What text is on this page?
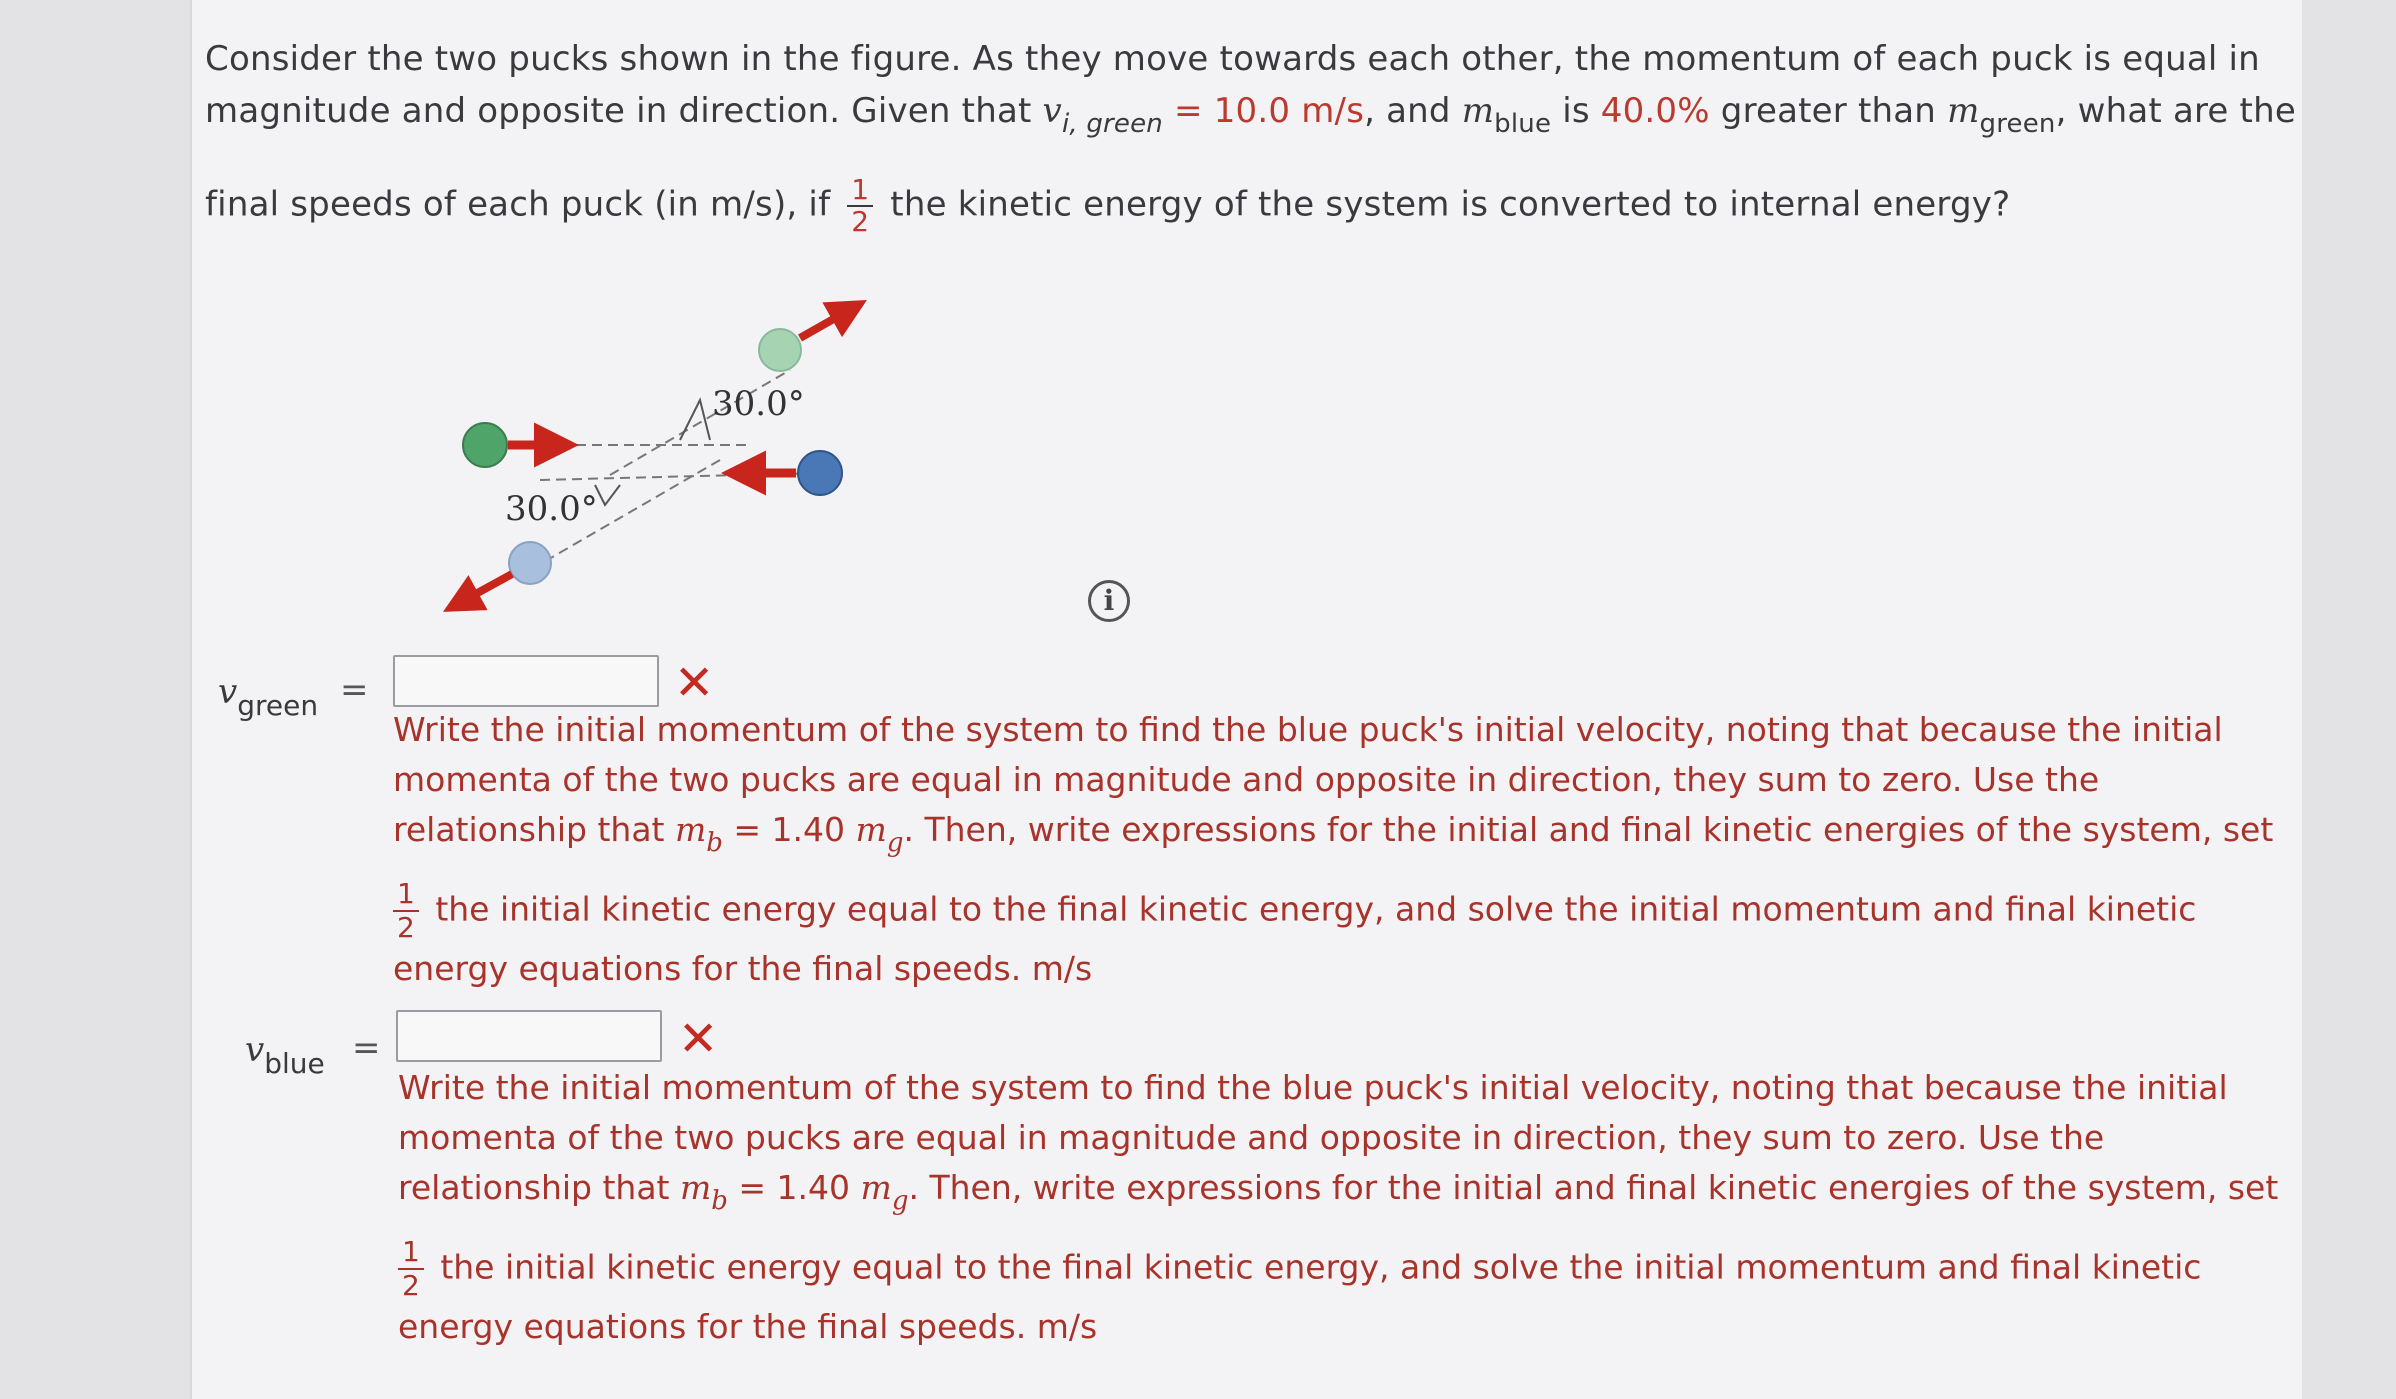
Consider the two pucks shown in the figure. As they move towards each other, the momentum of each puck is equal in
magnitude and opposite in direction. Given that $v_{i, green} = 10.0$ m/s, and $m_{blue}$ is 40.0% greater than $m_{green}$, what are the
final speeds of each puck (in m/s), if $\frac{1}{2}$ the kinetic energy of the system is converted to internal energy?
30.0°
30.0°
i
$v_{green}$ =	✕
Write the initial momentum of the system to find the blue puck's initial velocity, noting that because the initial
momenta of the two pucks are equal in magnitude and opposite in direction, they sum to zero. Use the
relationship that $m_b = 1.40$ $m_g$. Then, write expressions for the initial and final kinetic energies of the system, set
$\frac{1}{2}$ the initial kinetic energy equal to the final kinetic energy, and solve the initial momentum and final kinetic
energy equations for the final speeds. m/s
$v_{blue}$ =	✕
Write the initial momentum of the system to find the blue puck's initial velocity, noting that because the initial
momenta of the two pucks are equal in magnitude and opposite in direction, they sum to zero. Use the
relationship that $m_b = 1.40$ $m_g$. Then, write expressions for the initial and final kinetic energies of the system, set
$\frac{1}{2}$ the initial kinetic energy equal to the final kinetic energy, and solve the initial momentum and final kinetic
energy equations for the final speeds. m/s
